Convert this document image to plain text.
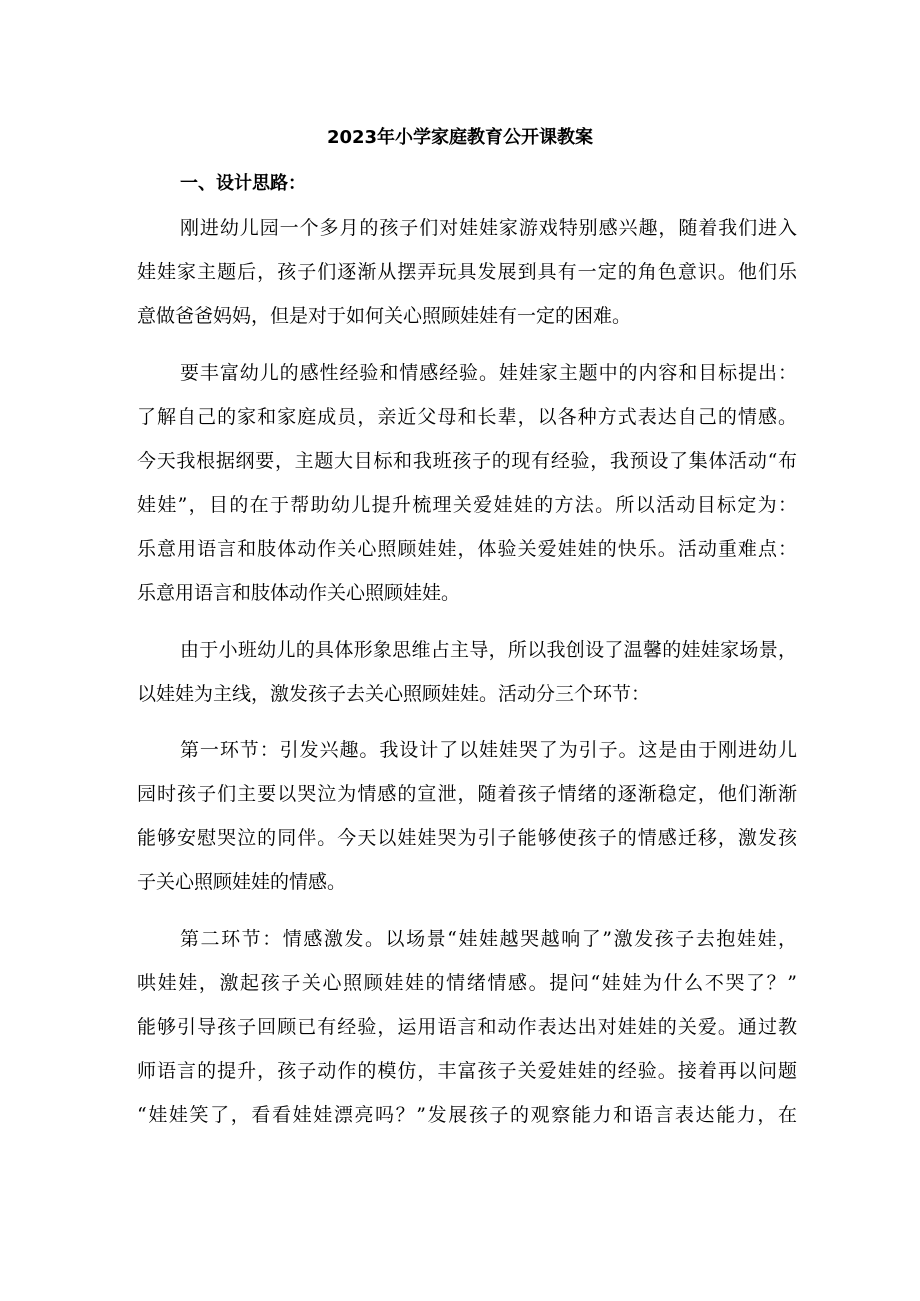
2023年小学家庭教育公开课教案
一、设计思路：
刚进幼儿园一个多月的孩子们对娃娃家游戏特别感兴趣，随着我们进入
娃娃家主题后，孩子们逐渐从摆弄玩具发展到具有一定的角色意识。他们乐
意做爸爸妈妈，但是对于如何关心照顾娃娃有一定的困难。
要丰富幼儿的感性经验和情感经验。娃娃家主题中的内容和目标提出：
了解自己的家和家庭成员，亲近父母和长辈，以各种方式表达自己的情感。
今天我根据纲要，主题大目标和我班孩子的现有经验，我预设了集体活动“布
娃娃”，目的在于帮助幼儿提升梳理关爱娃娃的方法。所以活动目标定为：
乐意用语言和肢体动作关心照顾娃娃，体验关爱娃娃的快乐。活动重难点：
乐意用语言和肢体动作关心照顾娃娃。
由于小班幼儿的具体形象思维占主导，所以我创设了温馨的娃娃家场景，
以娃娃为主线，激发孩子去关心照顾娃娃。活动分三个环节：
第一环节：引发兴趣。我设计了以娃娃哭了为引子。这是由于刚进幼儿
园时孩子们主要以哭泣为情感的宣泄，随着孩子情绪的逐渐稳定，他们渐渐
能够安慰哭泣的同伴。今天以娃娃哭为引子能够使孩子的情感迁移，激发孩
子关心照顾娃娃的情感。
第二环节：情感激发。以场景“娃娃越哭越响了”激发孩子去抱娃娃，
哄娃娃，激起孩子关心照顾娃娃的情绪情感。提问“娃娃为什么不哭了？”
能够引导孩子回顾已有经验，运用语言和动作表达出对娃娃的关爱。通过教
师语言的提升，孩子动作的模仿，丰富孩子关爱娃娃的经验。接着再以问题
“娃娃笑了，看看娃娃漂亮吗？”发展孩子的观察能力和语言表达能力，在
